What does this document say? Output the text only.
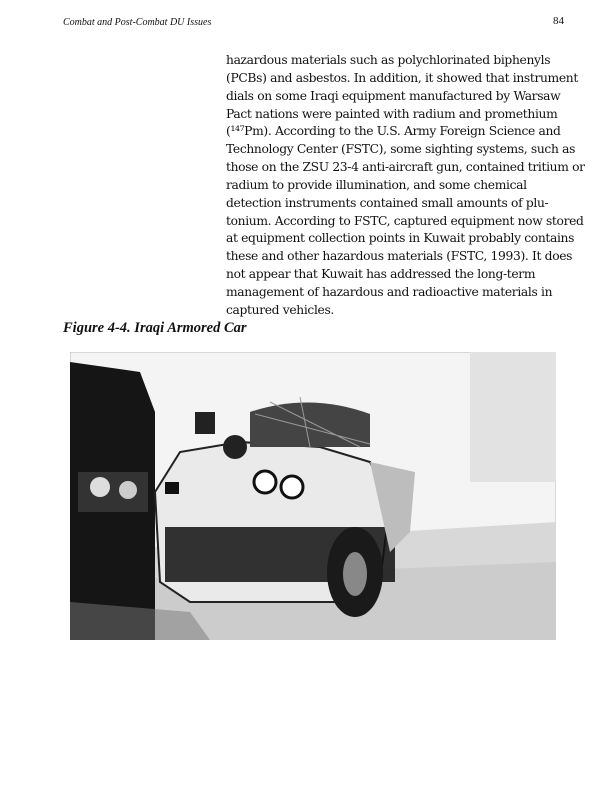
Combat and Post-Combat DU Issues	84
hazardous materials such as polychlorinated biphenyls
(PCBs) and asbestos. In addition, it showed that instrument
dials on some Iraqi equipment manufactured by Warsaw
Pact nations were painted with radium and promethium
(¹⁴⁷Pm). According to the U.S. Army Foreign Science and
Technology Center (FSTC), some sighting systems, such as
those on the ZSU 23-4 anti-aircraft gun, contained tritium or
radium to provide illumination, and some chemical
detection instruments contained small amounts of plu-
tonium. According to FSTC, captured equipment now stored
at equipment collection points in Kuwait probably contains
these and other hazardous materials (FSTC, 1993). It does
not appear that Kuwait has addressed the long-term
management of hazardous and radioactive materials in
captured vehicles.
Figure 4-4. Iraqi Armored Car
